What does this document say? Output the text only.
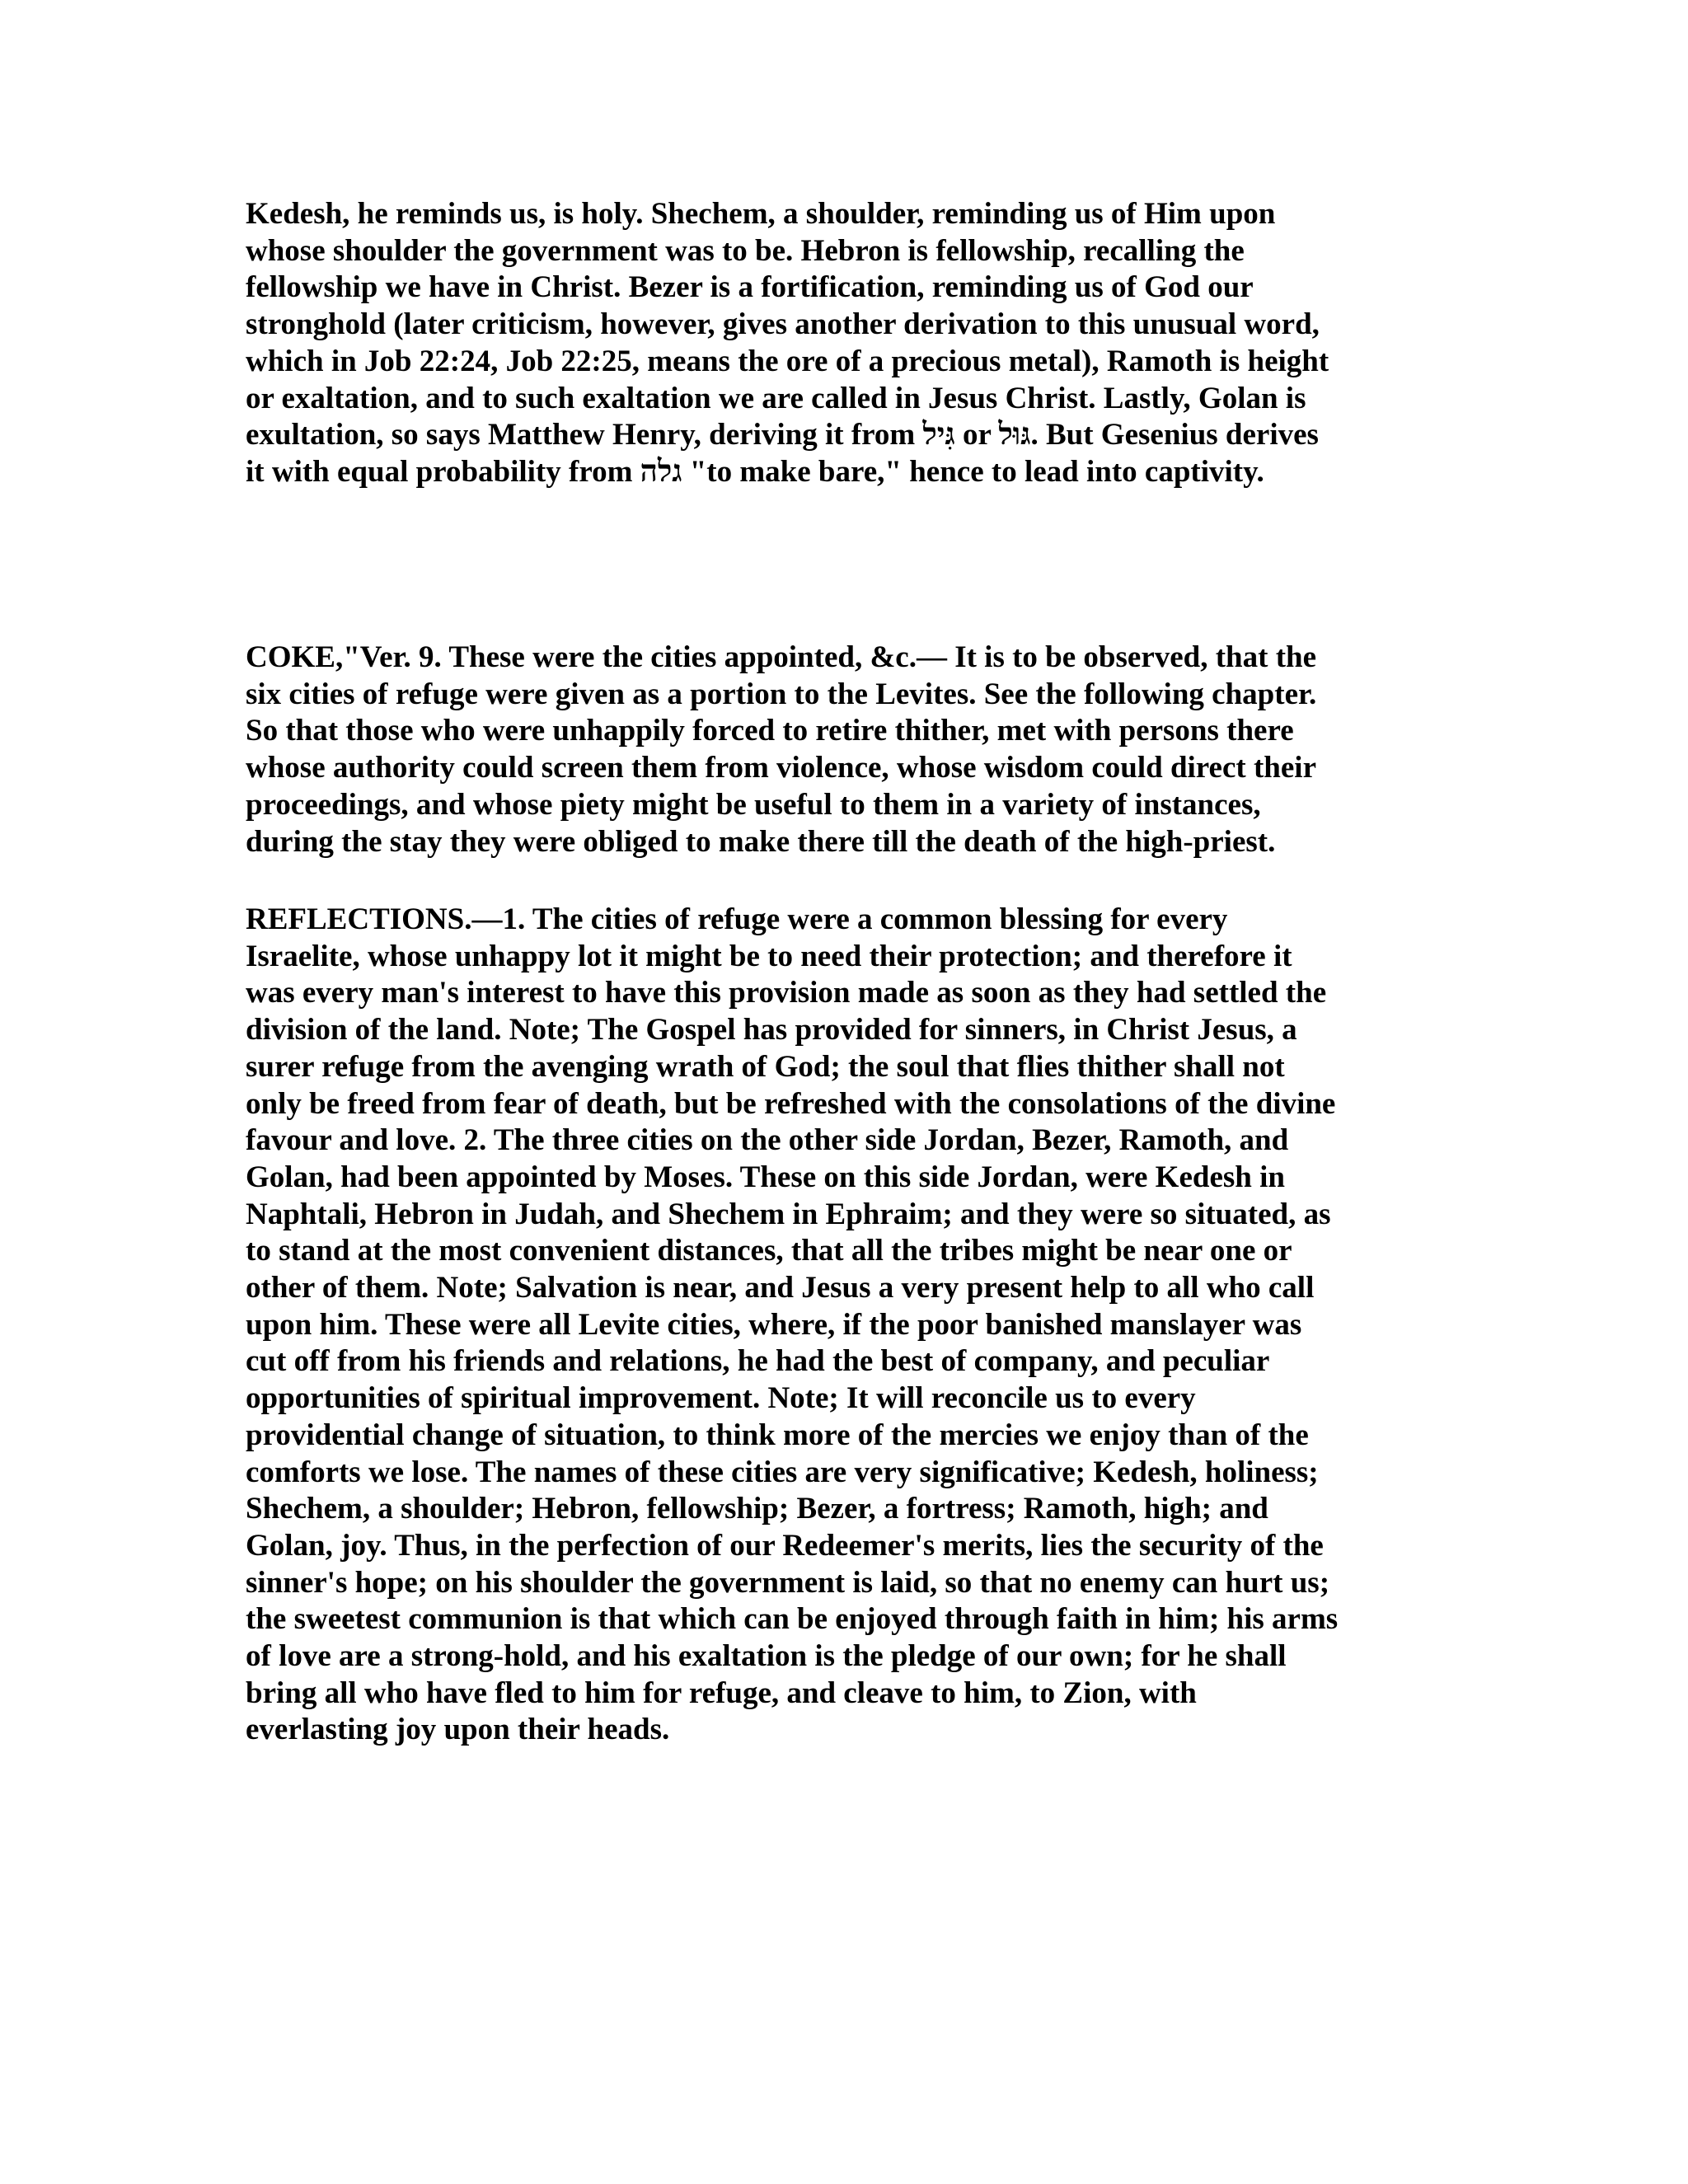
Kedesh, he reminds us, is holy. Shechem, a shoulder, reminding us of Him upon
whose shoulder the government was to be. Hebron is fellowship, recalling the
fellowship we have in Christ. Bezer is a fortification, reminding us of God our
stronghold (later criticism, however, gives another derivation to this unusual word,
which in Job 22:24, Job 22:25, means the ore of a precious metal), Ramoth is height
or exaltation, and to such exaltation we are called in Jesus Christ. Lastly, Golan is
exultation, so says Matthew Henry, deriving it from גִּיל or גּוּל. But Gesenius derives
it with equal probability from גלה "to make bare," hence to lead into captivity.
COKE,"Ver. 9. These were the cities appointed, &c.— It is to be observed, that the
six cities of refuge were given as a portion to the Levites. See the following chapter.
So that those who were unhappily forced to retire thither, met with persons there
whose authority could screen them from violence, whose wisdom could direct their
proceedings, and whose piety might be useful to them in a variety of instances,
during the stay they were obliged to make there till the death of the high-priest.
REFLECTIONS.—1. The cities of refuge were a common blessing for every
Israelite, whose unhappy lot it might be to need their protection; and therefore it
was every man's interest to have this provision made as soon as they had settled the
division of the land. Note; The Gospel has provided for sinners, in Christ Jesus, a
surer refuge from the avenging wrath of God; the soul that flies thither shall not
only be freed from fear of death, but be refreshed with the consolations of the divine
favour and love. 2. The three cities on the other side Jordan, Bezer, Ramoth, and
Golan, had been appointed by Moses. These on this side Jordan, were Kedesh in
Naphtali, Hebron in Judah, and Shechem in Ephraim; and they were so situated, as
to stand at the most convenient distances, that all the tribes might be near one or
other of them. Note; Salvation is near, and Jesus a very present help to all who call
upon him. These were all Levite cities, where, if the poor banished manslayer was
cut off from his friends and relations, he had the best of company, and peculiar
opportunities of spiritual improvement. Note; It will reconcile us to every
providential change of situation, to think more of the mercies we enjoy than of the
comforts we lose. The names of these cities are very significative; Kedesh, holiness;
Shechem, a shoulder; Hebron, fellowship; Bezer, a fortress; Ramoth, high; and
Golan, joy. Thus, in the perfection of our Redeemer's merits, lies the security of the
sinner's hope; on his shoulder the government is laid, so that no enemy can hurt us;
the sweetest communion is that which can be enjoyed through faith in him; his arms
of love are a strong-hold, and his exaltation is the pledge of our own; for he shall
bring all who have fled to him for refuge, and cleave to him, to Zion, with
everlasting joy upon their heads.
